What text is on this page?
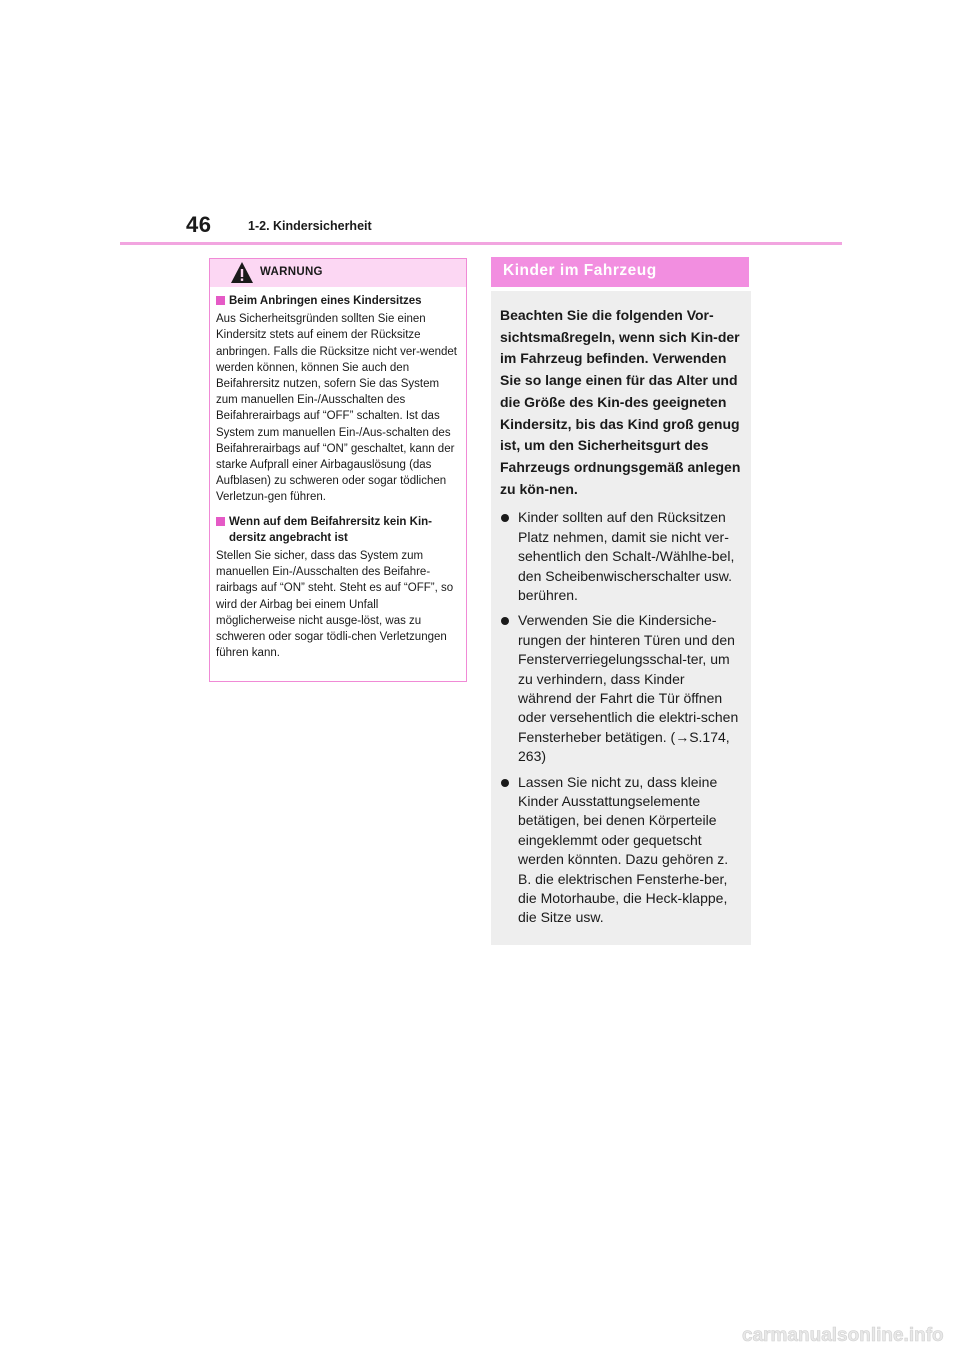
46	1-2. Kindersicherheit
WARNUNG
Beim Anbringen eines Kindersitzes

Aus Sicherheitsgründen sollten Sie einen Kindersitz stets auf einem der Rücksitze anbringen. Falls die Rücksitze nicht ver-wendet werden können, können Sie auch den Beifahrersitz nutzen, sofern Sie das System zum manuellen Ein-/Ausschalten des Beifahrerairbags auf “OFF” schalten. Ist das System zum manuellen Ein-/Aus-schalten des Beifahrerairbags auf “ON” geschaltet, kann der starke Aufprall einer Airbagauslösung (das Aufblasen) zu schweren oder sogar tödlichen Verletzun-gen führen.

Wenn auf dem Beifahrersitz kein Kin-dersitz angebracht ist

Stellen Sie sicher, dass das System zum manuellen Ein-/Ausschalten des Beifahre-rairbags auf “ON” steht. Steht es auf “OFF”, so wird der Airbag bei einem Unfall möglicherweise nicht ausge-löst, was zu schweren oder sogar tödli-chen Verletzungen führen kann.

Kinder im Fahrzeug

Beachten Sie die folgenden Vor-sichtsmaßregeln, wenn sich Kin-der im Fahrzeug befinden. Verwenden Sie so lange einen für das Alter und die Größe des Kin-des geeigneten Kindersitz, bis das Kind groß genug ist, um den Sicherheitsgurt des Fahrzeugs ordnungsgemäß anlegen zu kön-nen.

Kinder sollten auf den Rücksitzen Platz nehmen, damit sie nicht ver-sehentlich den Schalt-/Wählhe-bel, den Scheibenwischerschalter usw. berühren.
Verwenden Sie die Kindersiche-rungen der hinteren Türen und den Fensterverriegelungsschal-ter, um zu verhindern, dass Kinder während der Fahrt die Tür öffnen oder versehentlich die elektri-schen Fensterheber betätigen. (→S.174, 263)
Lassen Sie nicht zu, dass kleine Kinder Ausstattungselemente betätigen, bei denen Körperteile eingeklemmt oder gequetscht werden könnten. Dazu gehören z. B. die elektrischen Fensterhe-ber, die Motorhaube, die Heck-klappe, die Sitze usw.
carmanualsonline.info
